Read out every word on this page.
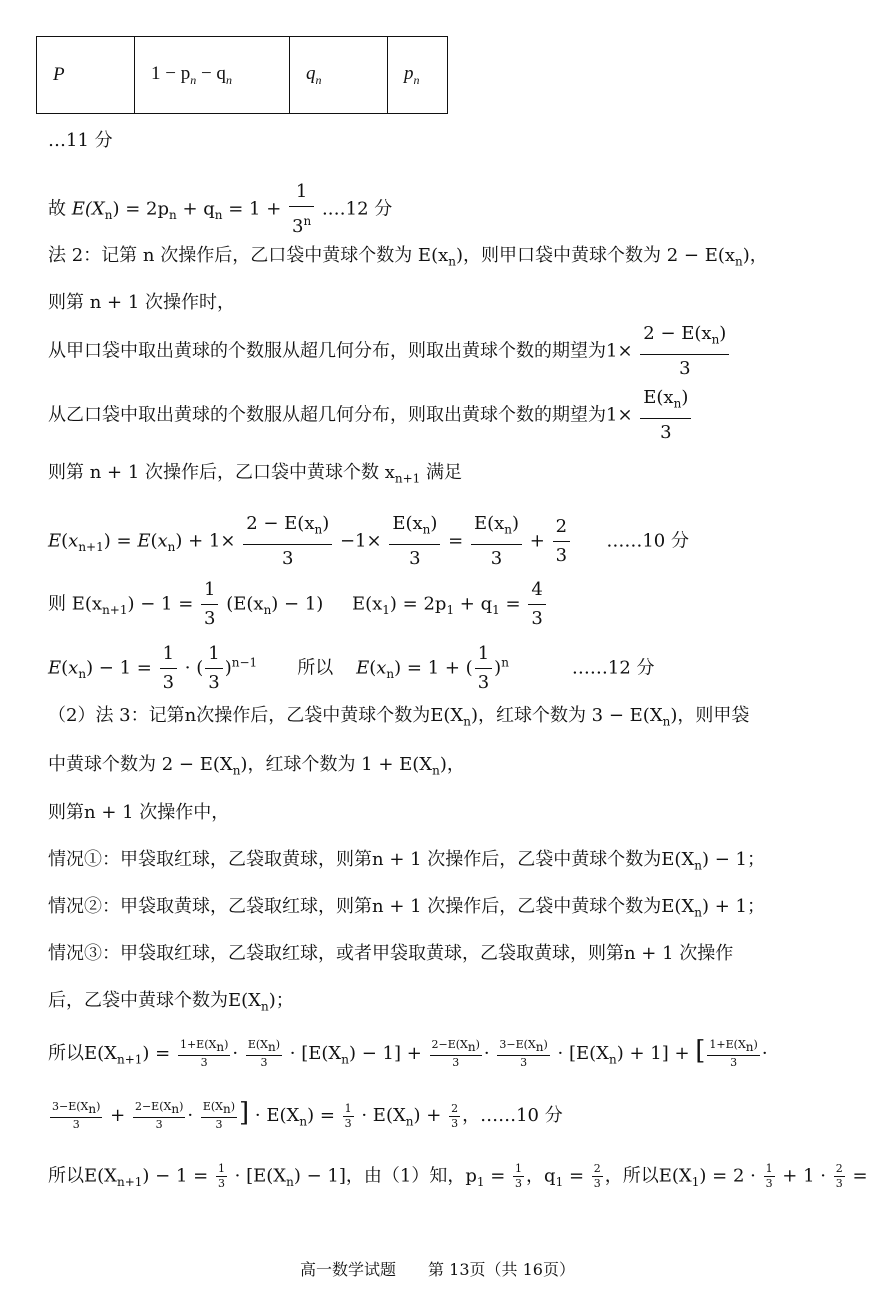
P	$1 - p_n - q_n$	$q_n$	$p_n$
…11 分
故 $E(X_n) = 2p_n + q_n = 1 + \frac{1}{3^n}$ .…12 分
法 2：记第 n 次操作后，乙口袋中黄球个数为 $E(x_n)$，则甲口袋中黄球个数为 $2 - E(x_n)$，
则第 n + 1 次操作时，
从甲口袋中取出黄球的个数服从超几何分布，则取出黄球个数的期望为$1\times \frac{2 - E(x_n)}{3}$
从乙口袋中取出黄球的个数服从超几何分布，则取出黄球个数的期望为$1\times \frac{E(x_n)}{3}$
则第 n + 1 次操作后，乙口袋中黄球个数 $x_{n+1}$ 满足
$E(x_{n+1}) = E(x_n) + 1\times \frac{2 - E(x_n)}{3} -1\times \frac{E(x_n)}{3} = \frac{E(x_n)}{3} + \frac{2}{3}$ ……10 分
则 $E(x_{n+1}) - 1 = \frac{1}{3} (E(x_n) - 1) E(x_1) = 2p_1 + q_1 = \frac{4}{3}$
$E(x_n) - 1 = \frac{1}{3}$ · ( $\frac{1}{3} )^{n-1}$ 所以 $E(x_n) = 1$ + ( $\frac{1}{3} )^n$	……12 分
（2）法 3：记第n次操作后，乙袋中黄球个数为$E(X_n)$，红球个数为 $3 - E(X_n)$，则甲袋
中黄球个数为 $2 - E(X_n)$，红球个数为 $1 + E(X_n)$，
则第n + 1 次操作中，
情况①：甲袋取红球，乙袋取黄球，则第n + 1 次操作后，乙袋中黄球个数为$E(X_n) - 1$；
情况②：甲袋取黄球，乙袋取红球，则第n + 1 次操作后，乙袋中黄球个数为$E(X_n) + 1$；
情况③：甲袋取红球，乙袋取红球，或者甲袋取黄球，乙袋取黄球，则第n + 1 次操作
后，乙袋中黄球个数为$E(X_n)$；
所以$E(X_{n+1}) = \frac{1+E(X_n)}{3} \cdot \frac{E(X_n)}{3} \cdot [E(X_n) - 1] + \frac{2-E(X_n)}{3} \cdot \frac{3-E(X_n)}{3} \cdot [E(X_n) + 1]$ + [ $\frac{1+E(X_n)}{3}$ ·
$\frac{3-E(X_n)}{3} + \frac{2-E(X_n)}{3} \cdot \frac{E(X_n)}{3}$ ] · $E(X_n) = \frac{1}{3} \cdot E(X_n) + \frac{2}{3}$ ，……10 分
所以$E(X_{n+1}) - 1 = \frac{1}{3} \cdot [E(X_n) - 1]$，由（1）知，$p_1 = \frac{1}{3}$ ，$q_1 = \frac{2}{3}$ ，所以$E(X_1) = 2 \cdot \frac{1}{3} + 1 \cdot \frac{2}{3}$ =
高一数学试题　　第 13页（共 16页）
